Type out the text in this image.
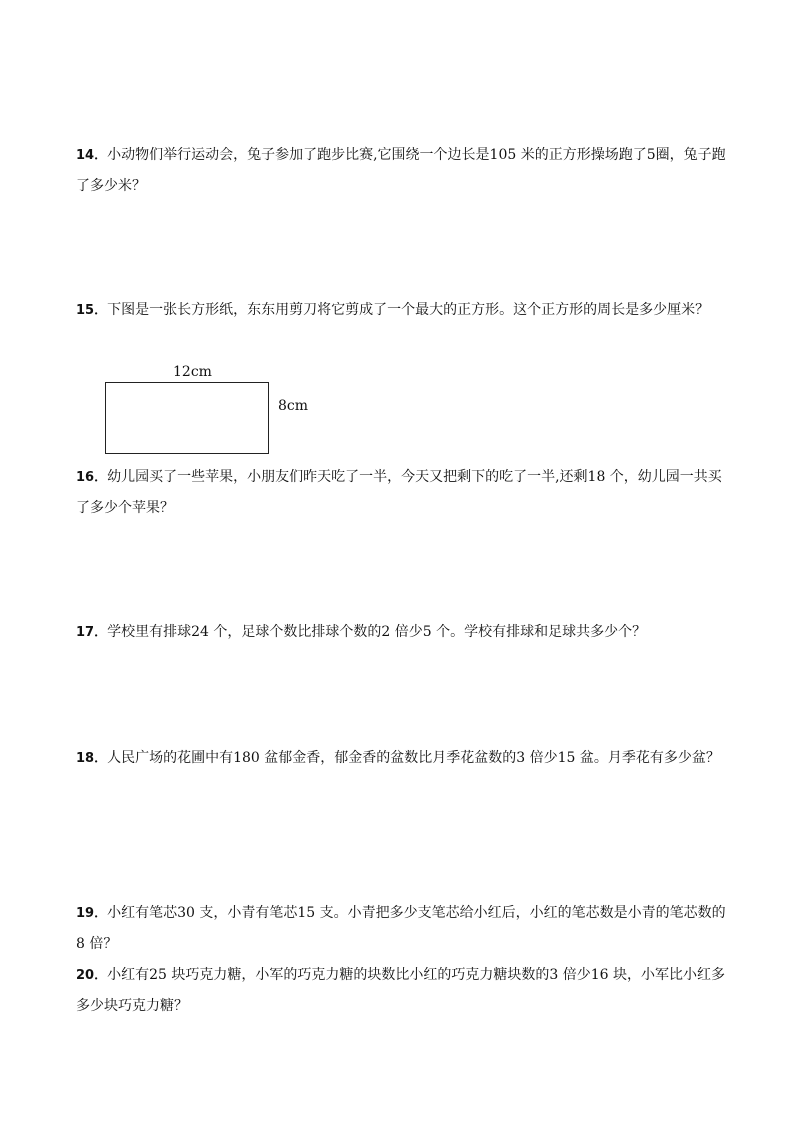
14．小动物们举行运动会，兔子参加了跑步比赛,它围绕一个边长是105 米的正方形操场跑了5圈，兔子跑了多少米？
15．下图是一张长方形纸，东东用剪刀将它剪成了一个最大的正方形。这个正方形的周长是多少厘米？
12cm
8cm
16．幼儿园买了一些苹果，小朋友们昨天吃了一半，今天又把剩下的吃了一半,还剩18 个，幼儿园一共买了多少个苹果？
17．学校里有排球24 个，足球个数比排球个数的2 倍少5 个。学校有排球和足球共多少个？
18．人民广场的花圃中有180 盆郁金香，郁金香的盆数比月季花盆数的3 倍少15 盆。月季花有多少盆？
19．小红有笔芯30 支，小青有笔芯15 支。小青把多少支笔芯给小红后，小红的笔芯数是小青的笔芯数的8 倍？
20．小红有25 块巧克力糖，小军的巧克力糖的块数比小红的巧克力糖块数的3 倍少16 块，小军比小红多多少块巧克力糖？
